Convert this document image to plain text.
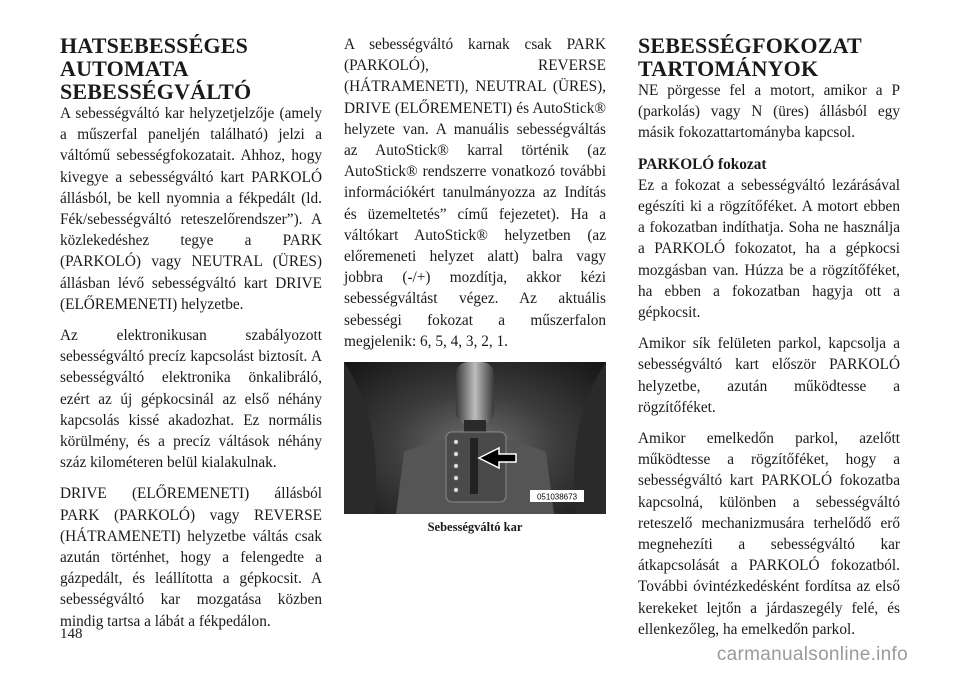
HATSEBESSÉGES AUTOMATA SEBESSÉGVÁLTÓ

A sebességváltó kar helyzetjelzője (amely a műszerfal paneljén található) jelzi a váltómű sebességfokozatait. Ahhoz, hogy kivegye a sebességváltó kart PARKOLÓ állásból, be kell nyomnia a fékpedált (ld. Fék/sebességváltó reteszelőrendszer”). A közlekedéshez tegye a PARK (PARKOLÓ) vagy NEUTRAL (ÜRES) állásban lévő sebességváltó kart DRIVE (ELŐREMENETI) helyzetbe.

Az elektronikusan szabályozott sebességváltó precíz kapcsolást biztosít. A sebességváltó elektronika önkalibráló, ezért az új gépkocsinál az első néhány kapcsolás kissé akadozhat. Ez normális körülmény, és a precíz váltások néhány száz kilométeren belül kialakulnak.

DRIVE (ELŐREMENETI) állásból PARK (PARKOLÓ) vagy REVERSE (HÁTRAMENETI) helyzetbe váltás csak azután történhet, hogy a felengedte a gázpedált, és leállította a gépkocsit. A sebességváltó kar mozgatása közben mindig tartsa a lábát a fékpedálon.

A sebességváltó karnak csak PARK (PARKOLÓ), REVERSE (HÁTRAMENETI), NEUTRAL (ÜRES), DRIVE (ELŐREMENETI) és AutoStick® helyzete van. A manuális sebességváltás az AutoStick® karral történik (az AutoStick® rendszerre vonatkozó további információkért tanulmányozza az Indítás és üzemeltetés” című fejezetet). Ha a váltókart AutoStick® helyzetben (az előremeneti helyzet alatt) balra vagy jobbra (-/+) mozdítja, akkor kézi sebességváltást végez. Az aktuális sebességi fokozat a műszerfalon megjelenik: 6, 5, 4, 3, 2, 1.

051038673
Sebességváltó kar
SEBESSÉGFOKOZAT TARTOMÁNYOK

NE pörgesse fel a motort, amikor a P (parkolás) vagy N (üres) állásból egy másik fokozattartományba kapcsol.

PARKOLÓ fokozat

Ez a fokozat a sebességváltó lezárásával egészíti ki a rögzítőféket. A motort ebben a fokozatban indíthatja. Soha ne használja a PARKOLÓ fokozatot, ha a gépkocsi mozgásban van. Húzza be a rögzítőféket, ha ebben a fokozatban hagyja ott a gépkocsit.

Amikor sík felületen parkol, kapcsolja a sebességváltó kart először PARKOLÓ helyzetbe, azután működtesse a rögzítőféket.

Amikor emelkedőn parkol, azelőtt működtesse a rögzítőféket, hogy a sebességváltó kart PARKOLÓ fokozatba kapcsolná, különben a sebességváltó reteszelő mechanizmusára terhelődő erő megnehezíti a sebességváltó kar átkapcsolását a PARKOLÓ fokozatból. További óvintézkedésként fordítsa az első kerekeket lejtőn a járdaszegély felé, és ellenkezőleg, ha emelkedőn parkol.

148
carmanualsonline.info
